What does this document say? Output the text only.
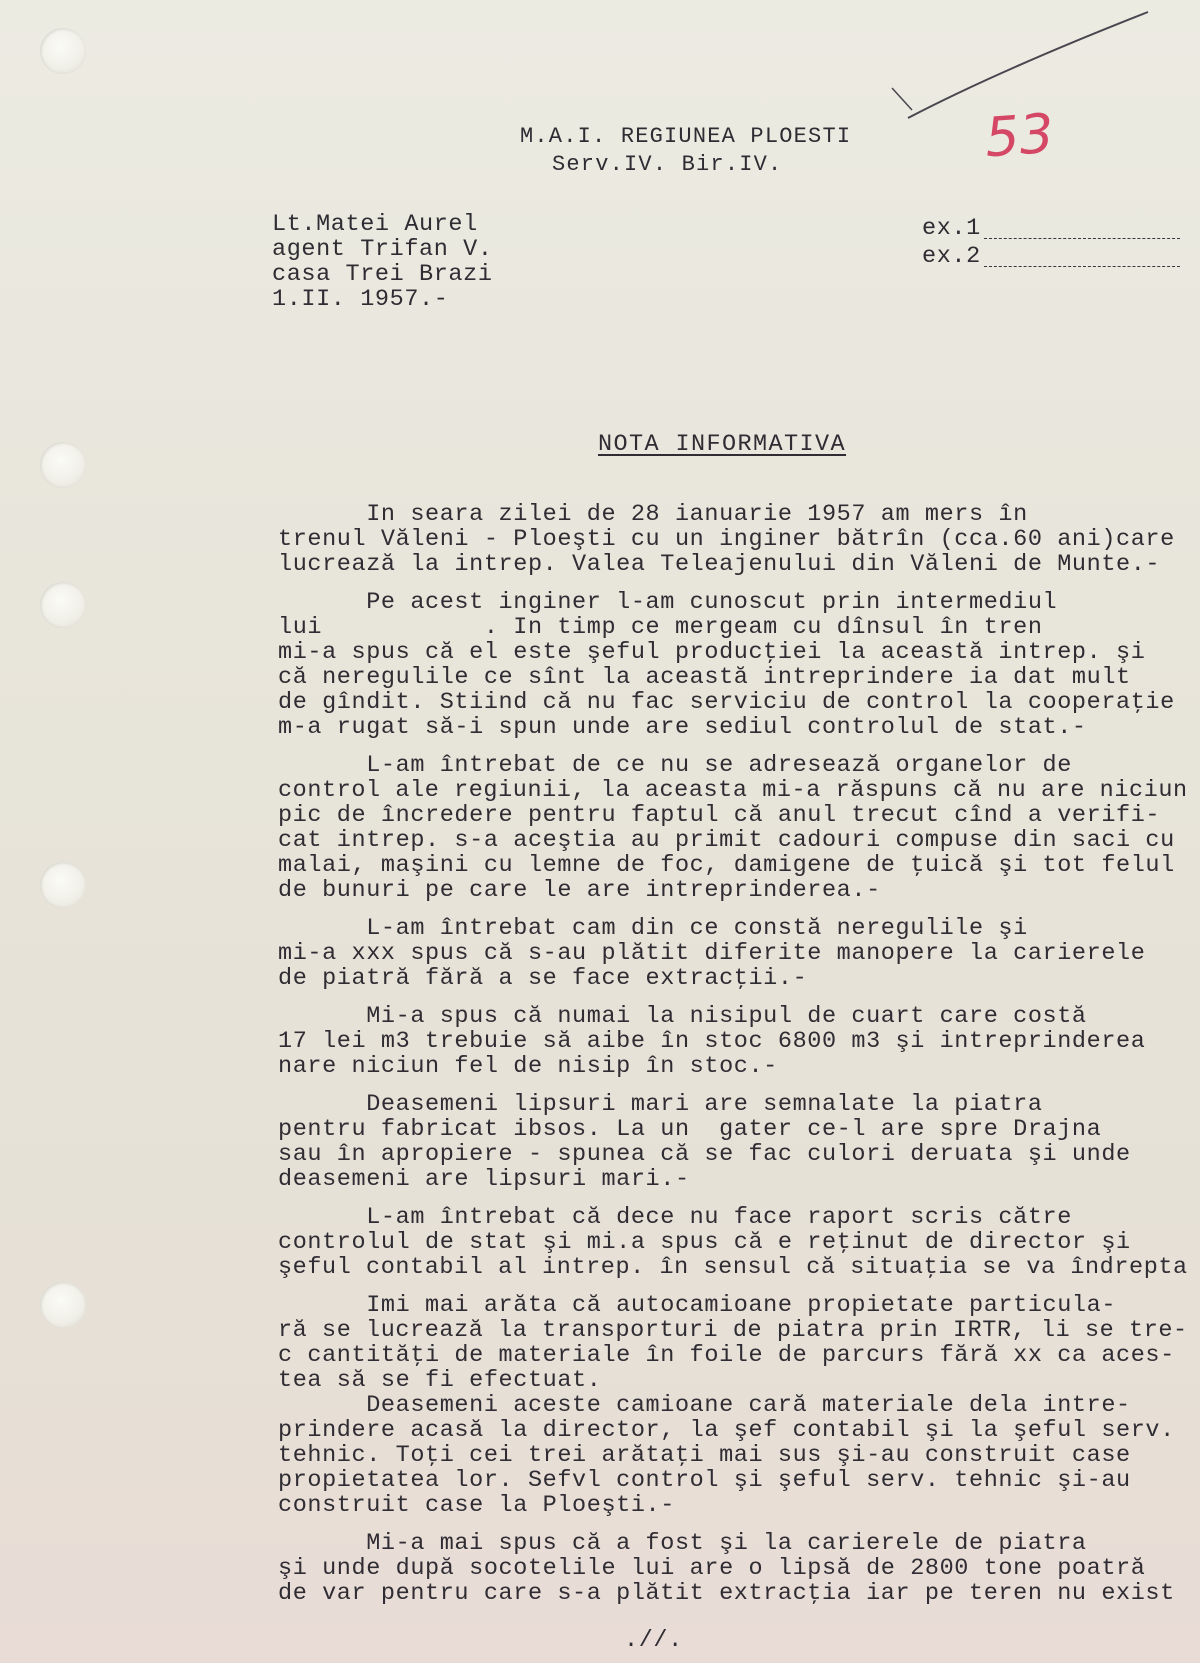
53
M.A.I. REGIUNEA PLOESTI
Serv.IV. Bir.IV.
Lt.Matei Aurel
agent Trifan V.
casa Trei Brazi
1.II. 1957.-
ex.1
ex.2
NOTA INFORMATIVA
In seara zilei de 28 ianuarie 1957 am mers în
trenul Văleni - Ploeşti cu un inginer bătrîn (cca.60 ani)care
lucrează la intrep. Valea Teleajenului din Văleni de Munte.-
Pe acest inginer l-am cunoscut prin intermediul
lui           . In timp ce mergeam cu dînsul în tren
mi-a spus că el este şeful producţiei la această intrep. şi
că neregulile ce sînt la această intreprindere ia dat mult
de gîndit. Stiind că nu fac serviciu de control la cooperaţie
m-a rugat să-i spun unde are sediul controlul de stat.-
L-am întrebat de ce nu se adresează organelor de
control ale regiunii, la aceasta mi-a răspuns că nu are niciun
pic de încredere pentru faptul că anul trecut cînd a verifi-
cat intrep. s-a aceştia au primit cadouri compuse din saci cu
malai, maşini cu lemne de foc, damigene de ţuică şi tot felul
de bunuri pe care le are intreprinderea.-
L-am întrebat cam din ce constă neregulile şi
mi-a xxx spus că s-au plătit diferite manopere la carierele
de piatră fără a se face extracţii.-
Mi-a spus că numai la nisipul de cuart care costă
17 lei m3 trebuie să aibe în stoc 6800 m3 şi intreprinderea
nare niciun fel de nisip în stoc.-
Deasemeni lipsuri mari are semnalate la piatra
pentru fabricat ibsos. La un  gater ce-l are spre Drajna
sau în apropiere - spunea că se fac culori deruata şi unde
deasemeni are lipsuri mari.-
L-am întrebat că dece nu face raport scris către
controlul de stat şi mi.a spus că e reţinut de director şi
şeful contabil al intrep. în sensul că situaţia se va îndrepta
Imi mai arăta că autocamioane propietate particula-
ră se lucrează la transporturi de piatra prin IRTR, li se tre-
c cantităţi de materiale în foile de parcurs fără xx ca aces-
tea să se fi efectuat.
Deasemeni aceste camioane cară materiale dela intre-
prindere acasă la director, la şef contabil şi la şeful serv.
tehnic. Toţi cei trei arătaţi mai sus şi-au construit case
propietatea lor. Sefvl control şi şeful serv. tehnic şi-au
construit case la Ploeşti.-
Mi-a mai spus că a fost şi la carierele de piatra
şi unde după socotelile lui are o lipsă de 2800 tone poatră
de var pentru care s-a plătit extracţia iar pe teren nu exist
.//.
